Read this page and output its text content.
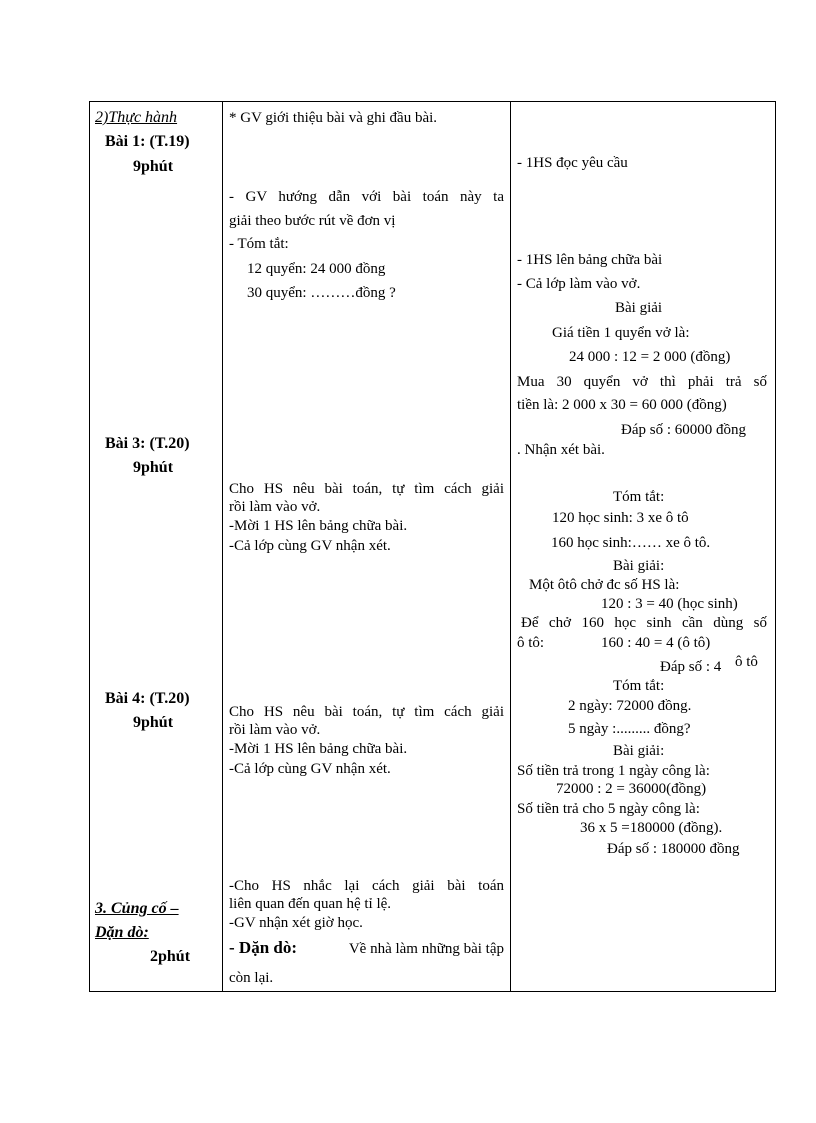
2)Thực hành
Bài 1: (T.19)
9phút
Bài 3: (T.20)
9phút
Bài 4: (T.20)
9phút
3. Củng cố –
Dặn dò:
2phút
* GV giới thiệu bài và ghi đầu bài.
- GV hướng dẫn với bài toán này ta
giải theo bước rút về đơn vị
- Tóm tắt:
12 quyển: 24 000 đồng
30 quyển: ………đồng ?
Cho HS nêu bài toán, tự tìm cách giải
rồi làm vào vở.
-Mời 1 HS lên bảng chữa bài.
-Cả lớp cùng GV nhận xét.
Cho HS nêu bài toán, tự tìm cách giải
rồi làm vào vở.
-Mời 1 HS lên bảng chữa bài.
-Cả lớp cùng GV nhận xét.
-Cho HS nhắc lại cách giải bài toán
liên quan đến quan hệ tỉ lệ.
-GV nhận xét giờ học.
- Dặn dò:	Về nhà làm những bài tập
còn lại.
- 1HS đọc yêu cầu
- 1HS lên bảng chữa bài
- Cả lớp làm vào vở.
Bài giải
Giá tiền 1 quyển vở là:
24 000 : 12 = 2 000 (đồng)
Mua 30 quyển vở thì phải trả số
tiền là: 2 000 x 30 = 60 000 (đồng)
Đáp số : 60000 đồng
. Nhận xét bài.
Tóm tắt:
120 học sinh: 3 xe ô tô
160 học sinh:…… xe ô tô.
Bài giải:
Một ôtô chở đc số HS là:
120 : 3 = 40 (học sinh)
Để chở 160 học sinh cần dùng số
ô tô:	160 : 40 = 4 (ô tô)
Đáp số : 4 ô tô
Tóm tắt:
2 ngày: 72000 đồng.
5 ngày :......... đồng?
Bài giải:
Số tiền trả trong 1 ngày công là:
72000 : 2 = 36000(đồng)
Số tiền trả cho 5 ngày công là:
36 x 5 =180000 (đồng).
Đáp số : 180000 đồng
